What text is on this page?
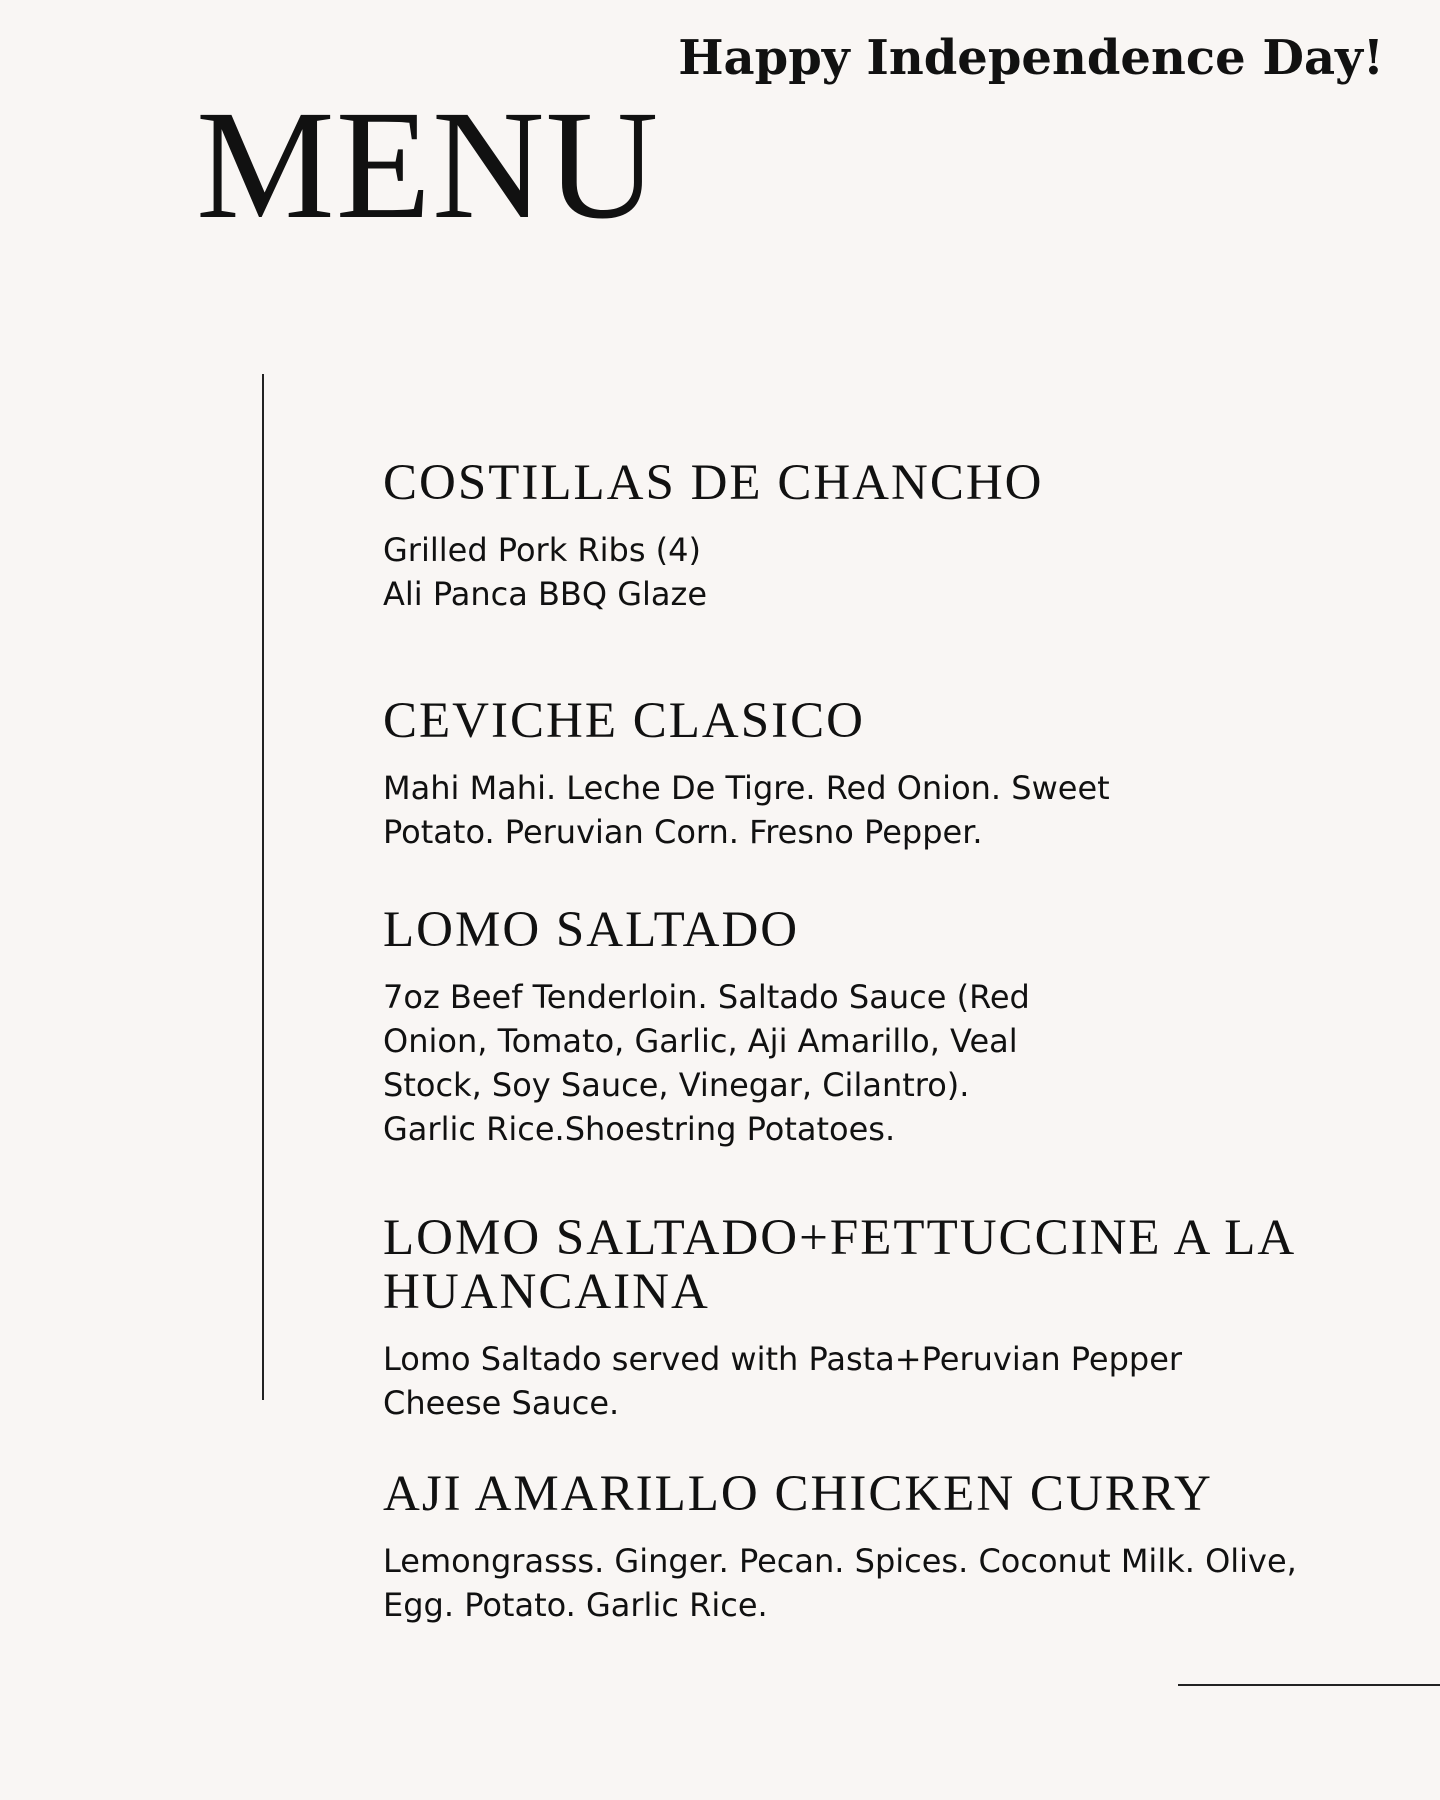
Happy Independence Day!
MENU
COSTILLAS DE CHANCHO

Grilled Pork Ribs (4)
Ali Panca BBQ Glaze

CEVICHE CLASICO

Mahi Mahi. Leche De Tigre. Red Onion. Sweet
Potato. Peruvian Corn. Fresno Pepper.

LOMO SALTADO

7oz Beef Tenderloin. Saltado Sauce (Red
Onion, Tomato, Garlic, Aji Amarillo, Veal
Stock, Soy Sauce, Vinegar, Cilantro).
Garlic Rice.Shoestring Potatoes.

LOMO SALTADO+FETTUCCINE A LA
HUANCAINA

Lomo Saltado served with Pasta+Peruvian Pepper
Cheese Sauce.

AJI AMARILLO CHICKEN CURRY

Lemongrasss. Ginger. Pecan. Spices. Coconut Milk. Olive,
Egg. Potato. Garlic Rice.
